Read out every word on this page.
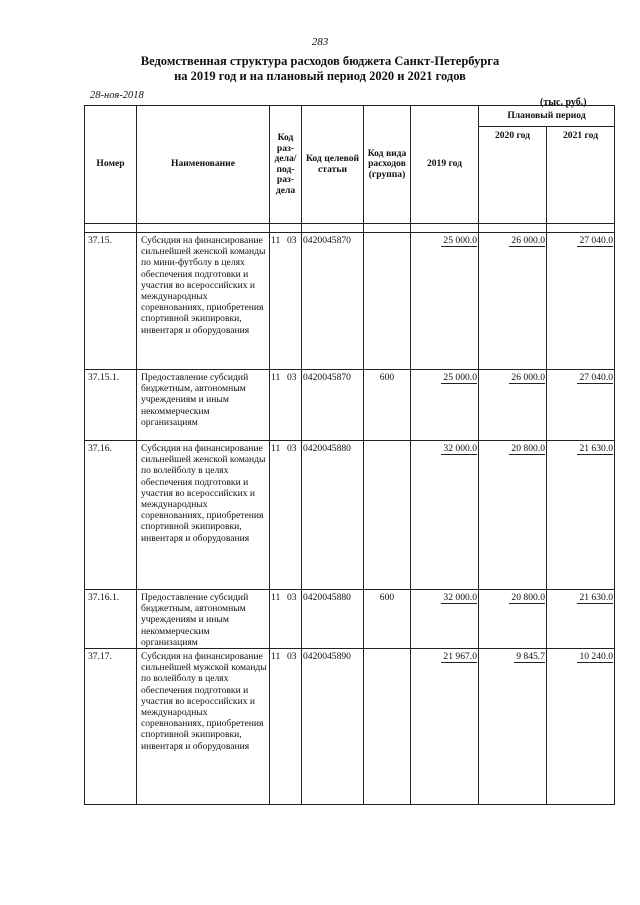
283
Ведомственная структура расходов бюджета Санкт-Петербурга
на 2019 год и на плановый период 2020 и 2021 годов
28-ноя-2018
(тыс. руб.)
Номер	Наименование	Код раз-дела/ под-раз-дела	Код целевой статьи	Код вида расходов (группа)	2019 год	Плановый период	
						2020 год	2021 год

37.15.	Субсидия на финансирование сильнейшей женской команды по мини-футболу в целях обеспечения подготовки и участия во всероссийских и международных соревнованиях, приобретения спортивной экипировки, инвентаря и оборудования	11 03	0420045870		25 000.0	26 000.0	27 040.0
37.15.1.	Предоставление субсидий бюджетным, автономным учреждениям и иным некоммерческим организациям	11 03	0420045870	600	25 000.0	26 000.0	27 040.0
37.16.	Субсидия на финансирование сильнейшей женской команды по волейболу в целях обеспечения подготовки и участия во всероссийских и международных соревнованиях, приобретения спортивной экипировки, инвентаря и оборудования	11 03	0420045880		32 000.0	20 800.0	21 630.0
37.16.1.	Предоставление субсидий бюджетным, автономным учреждениям и иным некоммерческим организациям	11 03	0420045880	600	32 000.0	20 800.0	21 630.0
37.17.	Субсидия на финансирование сильнейшей мужской команды по волейболу в целях обеспечения подготовки и участия во всероссийских и международных соревнованиях, приобретения спортивной экипировки, инвентаря и оборудования	11 03	0420045890		21 967.0	9 845.7	10 240.0
